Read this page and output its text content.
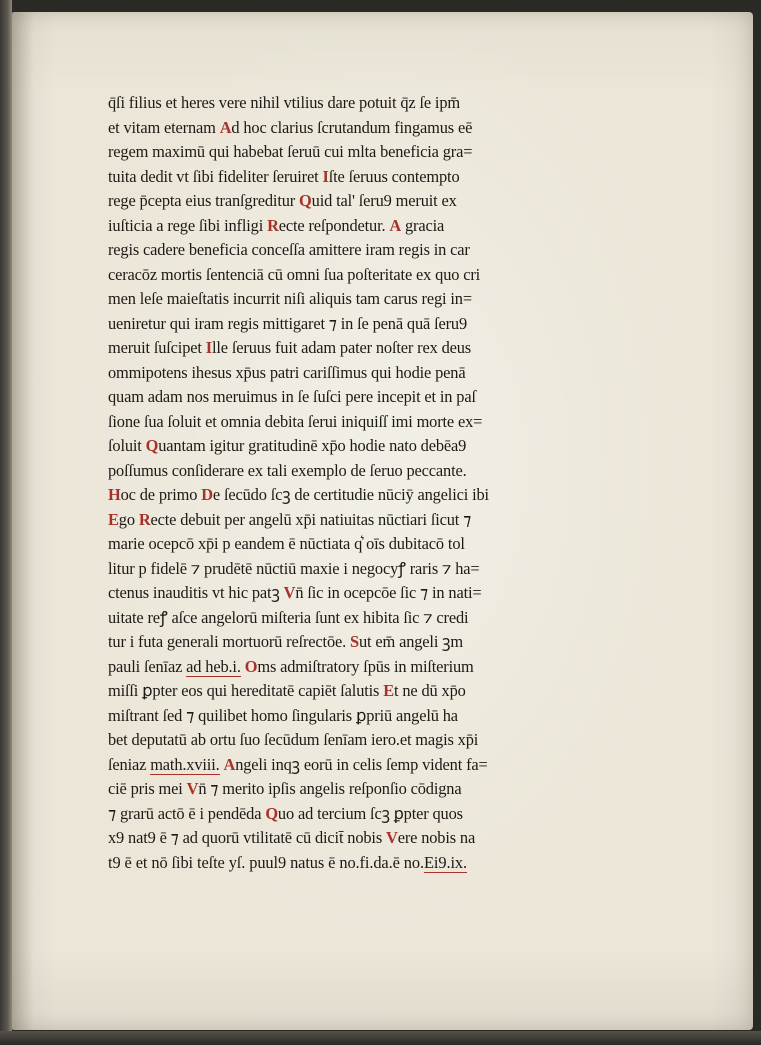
q̄ſi filius et heres vere nihil vtilius dare potuit q̄z ſe ipm̄
et vitam eternam Ad hoc clarius ſcrutandum fingamus eē
regem maximū qui habebat ſeruū cui mlta beneficia gra=
tuita dedit vt ſibi fideliter ſeruiret Iſte ſeruus contempto
rege p̄cepta eius tranſgreditur Quid tal' ſeru9 meruit ex
iuſticia a rege ſibi infligi Recte reſpondetur. A gracia
regis cadere beneficia conceſſa amittere iram regis in car
ceracōz mortis ſentenciā cū omni ſua poſteritate ex quo cri
men leſe maieſtatis incurrit niſi aliquis tam carus regi in=
ueniretur qui iram regis mittigaret ⁊ in ſe penā quā ſeru9
meruit ſuſcipet Ille ſeruus fuit adam pater noſter rex deus
ommipotens ihesus xp̄us patri cariſſimus qui hodie penā
quam adam nos meruimus in ſe ſuſci pere incepit et in paſ
ſione ſua ſoluit et omnia debita ſerui iniquiſſ imi morte ex=
ſoluit Quantam igitur gratitudinē xp̄o hodie nato debēa9
poſſumus conſiderare ex tali exemplo de ſeruo peccante.
Hoc de primo De ſecūdo ſcꝫ de certitudie nūciȳ angelici ibi
Ego Recte debuit per angelū xp̄i natiuitas nūctiari ſicut ⁊
marie ocepcō xp̄i p eandem ē nūctiata q͛ oīs dubitacō tol
litur p fidelē ⁊ prudētē nūctiū maxie i negocyꝭ raris ⁊ ha=
ctenus inauditis vt hic patꝫ Vn̄ ſic in ocepcōe ſic ⁊ in nati=
uitate reꝭ aſce angelorū miſteria ſunt ex hibita ſic ⁊ credi
tur i futa generali mortuorū reſrectōe. Sut em̄ angeli ꝫm
pauli ſenīaz ad heb.i. Oms admiſtratory ſpūs in miſterium
miſſi ꝑpter eos qui hereditatē capiēt ſalutis Et ne dū xp̄o
miſtrant ſed ⁊ quilibet homo ſingularis ꝑpriū angelū ha
bet deputatū ab ortu ſuo ſecūdum ſenīam iero.et magis xp̄i
ſeniaz math.xviii. Angeli inqꝫ eorū in celis ſemp vident fa=
ciē pris mei Vn̄ ⁊ merito ipſis angelis reſponſio cōdigna
⁊ grarū actō ē i pendēda Quo ad tercium ſcꝫ ꝑpter quos
x9 nat9 ē ⁊ ad quorū vtilitatē cū dicit̄ nobis Vere nobis na
t9 ē et nō ſibi teſte yſ. puul9 natus ē no.fi.da.ē no.Ei9.ix.
